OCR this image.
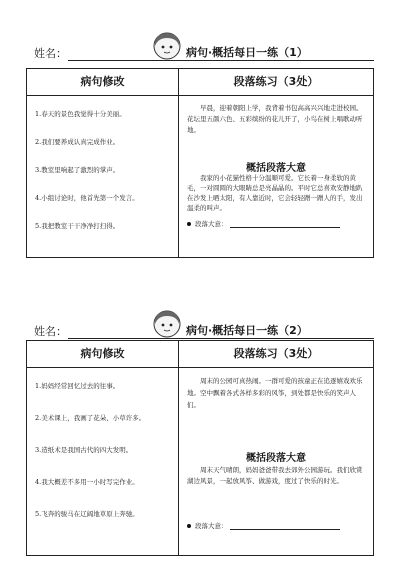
姓名：	病句·概括每日一练（1）
病句修改
1.春天的景色我觉得十分美丽。
2.我们要养成认真完成作业。
3.教室里响起了激烈的掌声。
4.小组讨论时，他首先第一个发言。
5.我把教室干干净净打扫得。
段落练习（3处）
早晨，迎着朝阳上学，我背着书包高高兴兴地走进校园。花坛里五颜六色、五彩缤纷的花儿开了，小鸟在树上唱歌动听地。
概括段落大意
我家的小花猫性格十分温顺可爱。它长着一身柔软的黄毛，一对圆圆的大眼睛总是亮晶晶的。平时它总喜欢安静地趴在沙发上晒太阳，有人靠近时，它会轻轻蹭一蹭人的手，发出温柔的叫声。
段落大意：
姓名：	病句·概括每日一练（2）
病句修改
1.妈妈经常回忆过去的往事。
2.美术课上，我画了花朵、小草许多。
3.造纸术是我国古代的四大发明。
4.我大概差不多用一小时写完作业。
5.飞奔的骏马在辽阔地草原上奔驰。
段落练习（3处）
周末的公园可真热闹。一群可爱的孩童正在追逐嬉戏欢乐地。空中飘着各式各样多彩的风筝，到处都是快乐的笑声人们。
概括段落大意
周末天气晴朗，妈妈爸爸带我去郊外公园游玩。我们欣赏湖边风景，一起放风筝、做游戏，度过了快乐的时光。
段落大意：
